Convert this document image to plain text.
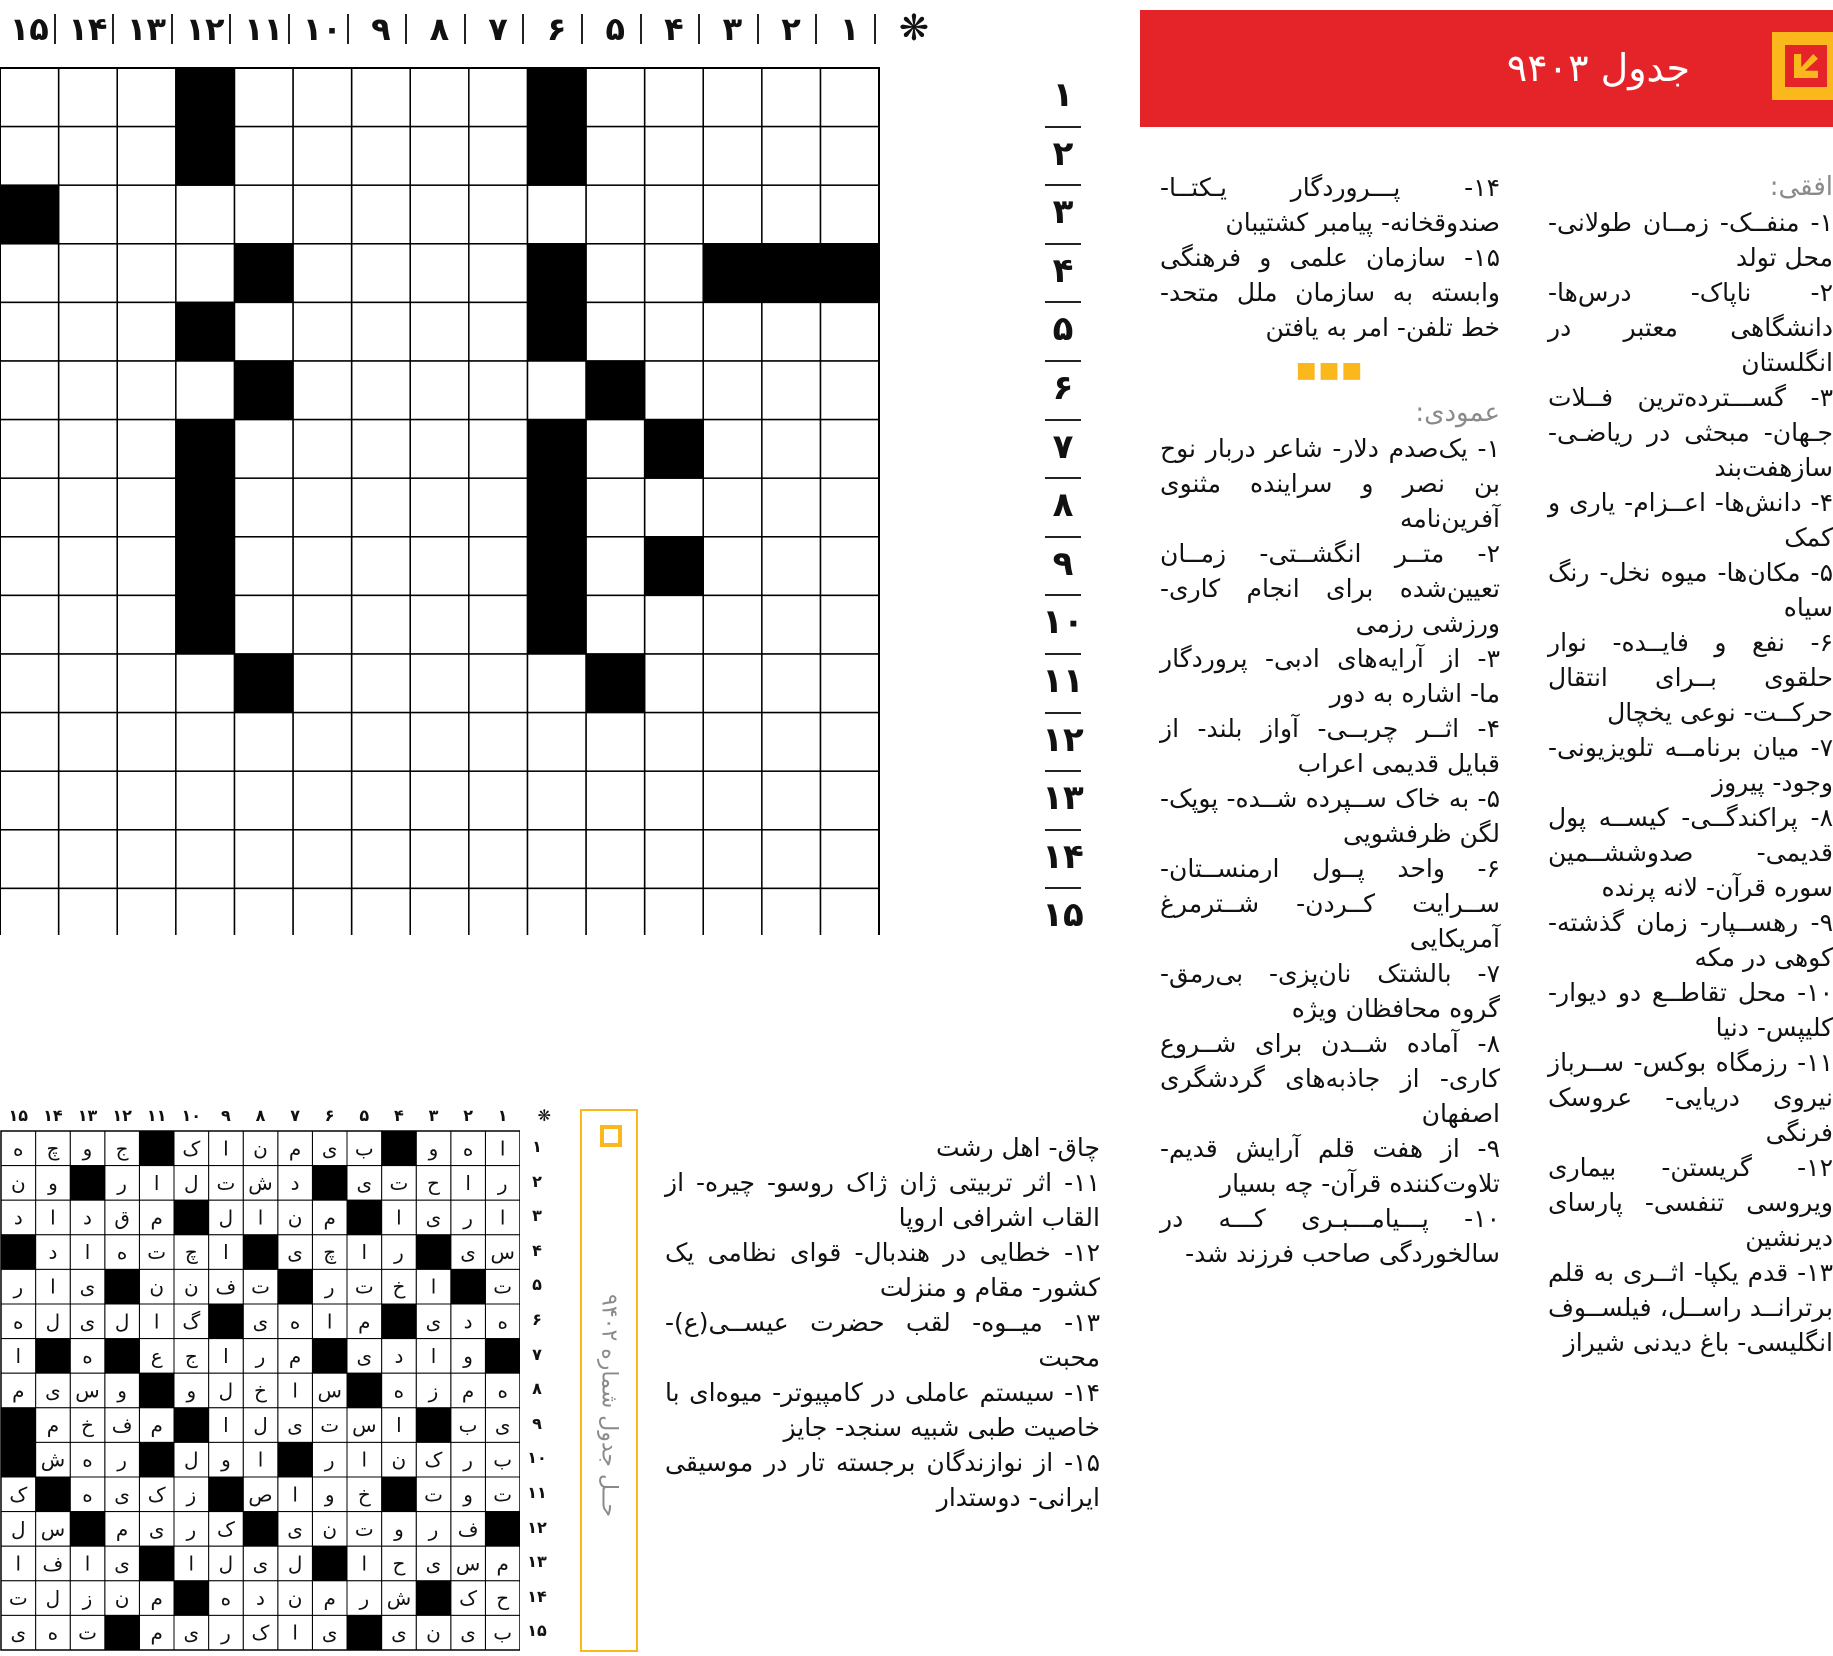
❋
۱
۲
۳
۴
۵
۶
۷
۸
۹
۱۰
۱۱
۱۲
۱۳
۱۴
۱۵
۱
۲
۳
۴
۵
۶
۷
۸
۹
۱۰
۱۱
۱۲
۱۳
۱۴
۱۵
جدول ۹۴۰۳

افقی:

۱- منفــک- زمــان طولانی- محل تولد

۲- ناپاک- درس‌ها- دانشگاهی معتبر در انگلستان

۳- گســـترده‌ترین فــلات جـهان- مبحثی در ریاضـی- سازهفت‌بند

۴- دانش‌ها- اعــزام- یاری و کمک

۵- مکان‌ها- میوه نخل- رنگ سیاه

۶- نفع و فایــده- نوار حلقوی بــرای انتقال حرکــت- نوعی یخچال

۷- میان برنامــه تلویزیونی- وجود- پیروز

۸- پراکندگــی- کیســه پول قدیمی- صدوششــمین سوره قرآن- لانه پرنده

۹- رهســپار- زمان گذشته- کوهی در مکه

۱۰- محل تقاطــع دو دیوار- کلیپس- دنیا

۱۱- رزمگاه بوکس- ســرباز نیروی دریایی- عروسک فرنگی

۱۲- گریستن- بیماری ویروسی تنفسی- پارسای دیرنشین

۱۳- قدم یکپا- اثــری به قلم برترانــد راســل، فیلســوف انگلیسی- باغ دیدنی شیراز

۱۴- پـــروردگار یـکتــا- صندوقخانه- پیامبر کشتیبان

۱۵- سازمان علمی و فرهنگی وابسته به سازمان ملل متحد- خط تلفن- امر به یافتن

■■■

عمودی:

۱- یک‌صدم دلار- شاعر دربار نوح بن نصر و سراینده مثنوی آفرین‌نامه

۲- متــر انگشــتی- زمــان تعیین‌شده برای انجام کاری- ورزشی رزمی

۳- از آرایه‌های ادبی- پروردگار ما- اشاره به دور

۴- اثــر چربــی- آواز بلند- از قبایل قدیمی اعراب

۵- به خاک ســپرده شــده- پوپک- لگن ظرفشویی

۶- واحد پــول ارمنســتان- ســرایت کــردن- شــترمرغ آمریکایی

۷- بالشتک نان‌پزی- بی‌رمق- گروه محافظان ویژه

۸- آماده شــدن برای شــروع کاری- از جاذبه‌های گردشگری اصفهان

۹- از هفت قلم آرایش قدیم- تلاوت‌کننده قرآن- چه بسیار

۱۰- پـــیامـــبـری کـــه در سالخوردگی صاحب فرزند شد-

چاق- اهل رشت

۱۱- اثر تربیتی ژان ژاک روسو- چیره- از القاب اشرافی اروپا

۱۲- خطایی در هندبال- قوای نظامی یک کشور- مقام و منزلت

۱۳- میــوه- لقب حضرت عیســی(ع)- محبت

۱۴- سیستم عاملی در کامپیوتر- میوه‌ای با خاصیت طبی شبیه سنجد- جایز

۱۵- از نوازندگان برجسته تار در موسیقی ایرانی- دوستدار

حــل جدول شماره ۹۴۰۲
❋
۱
۲
۳
۴
۵
۶
۷
۸
۹
۱۰
۱۱
۱۲
۱۳
۱۴
۱۵
ا
ه
و
ب
ی
م
ن
ا
ک
ج
و
چ
ه
ر
ا
ح
ت
ی
د
ش
ت
ل
ا
ر
و
ن
ا
ر
ی
ا
م
ن
ا
ل
م
ق
د
ا
د
س
ی
ر
ا
چ
ی
ا
چ
ت
ه
ا
د
ت
ا
خ
ت
ر
ت
ف
ن
ن
ی
ا
ر
ه
د
ی
م
ا
ه
ی
گ
ا
ل
ی
ل
ه
و
ا
د
ی
م
ر
ا
ج
ع
ه
ا
ه
م
ز
ه
س
ا
خ
ل
و
و
س
ی
م
ی
ب
ا
س
ت
ی
ل
ا
م
ف
خ
م
ب
ر
ک
ن
ا
ر
ا
و
ل
ر
ه
ش
ت
و
ت
خ
و
ا
ص
ز
ک
ی
ه
ک
ف
ر
و
ت
ن
ی
ک
ر
ی
م
س
ل
م
س
ی
ح
ا
ل
ی
ل
ا
ی
ا
ف
ا
ح
ک
ش
ر
م
ن
د
ه
م
ن
ز
ل
ت
ب
ی
ن
ی
ی
ا
ک
ر
ی
م
ت
ه
ی
۱
۲
۳
۴
۵
۶
۷
۸
۹
۱۰
۱۱
۱۲
۱۳
۱۴
۱۵
